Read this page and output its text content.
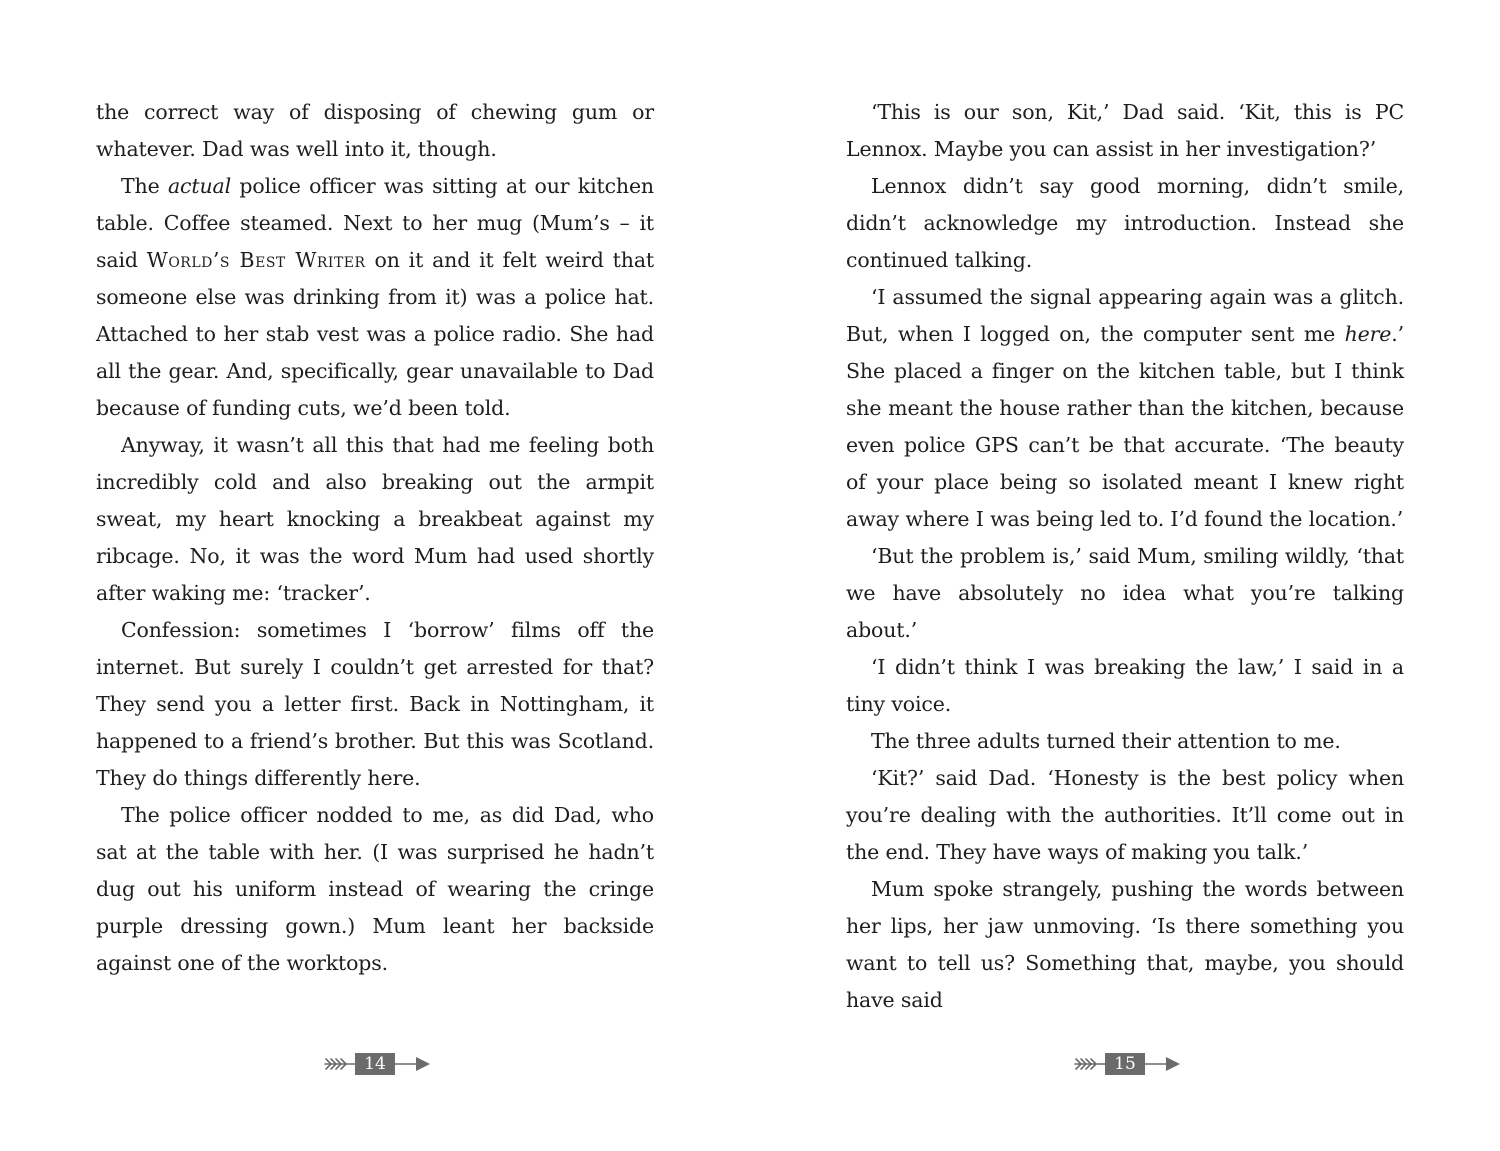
the correct way of disposing of chewing gum or whatever. Dad was well into it, though.

The actual police officer was sitting at our kitchen table. Coffee steamed. Next to her mug (Mum’s – it said World’s Best Writer on it and it felt weird that someone else was drinking from it) was a police hat. Attached to her stab vest was a police radio. She had all the gear. And, specifically, gear unavailable to Dad because of funding cuts, we’d been told.

Anyway, it wasn’t all this that had me feeling both incredibly cold and also breaking out the armpit sweat, my heart knocking a breakbeat against my ribcage. No, it was the word Mum had used shortly after waking me: ‘tracker’.

Confession: sometimes I ‘borrow’ films off the internet. But surely I couldn’t get arrested for that? They send you a letter first. Back in Nottingham, it happened to a friend’s brother. But this was Scotland. They do things differently here.

The police officer nodded to me, as did Dad, who sat at the table with her. (I was surprised he hadn’t dug out his uniform instead of wearing the cringe purple dressing gown.) Mum leant her backside against one of the worktops.

‘This is our son, Kit,’ Dad said. ‘Kit, this is PC Lennox. Maybe you can assist in her investigation?’

Lennox didn’t say good morning, didn’t smile, didn’t acknowledge my introduction. Instead she continued talking.

‘I assumed the signal appearing again was a glitch. But, when I logged on, the computer sent me here.’ She placed a finger on the kitchen table, but I think she meant the house rather than the kitchen, because even police GPS can’t be that accurate. ‘The beauty of your place being so isolated meant I knew right away where I was being led to. I’d found the location.’

‘But the problem is,’ said Mum, smiling wildly, ‘that we have absolutely no idea what you’re talking about.’

‘I didn’t think I was breaking the law,’ I said in a tiny voice.

The three adults turned their attention to me.

‘Kit?’ said Dad. ‘Honesty is the best policy when you’re dealing with the authorities. It’ll come out in the end. They have ways of making you talk.’

Mum spoke strangely, pushing the words between her lips, her jaw unmoving. ‘Is there something you want to tell us? Something that, maybe, you should have said

14	15
